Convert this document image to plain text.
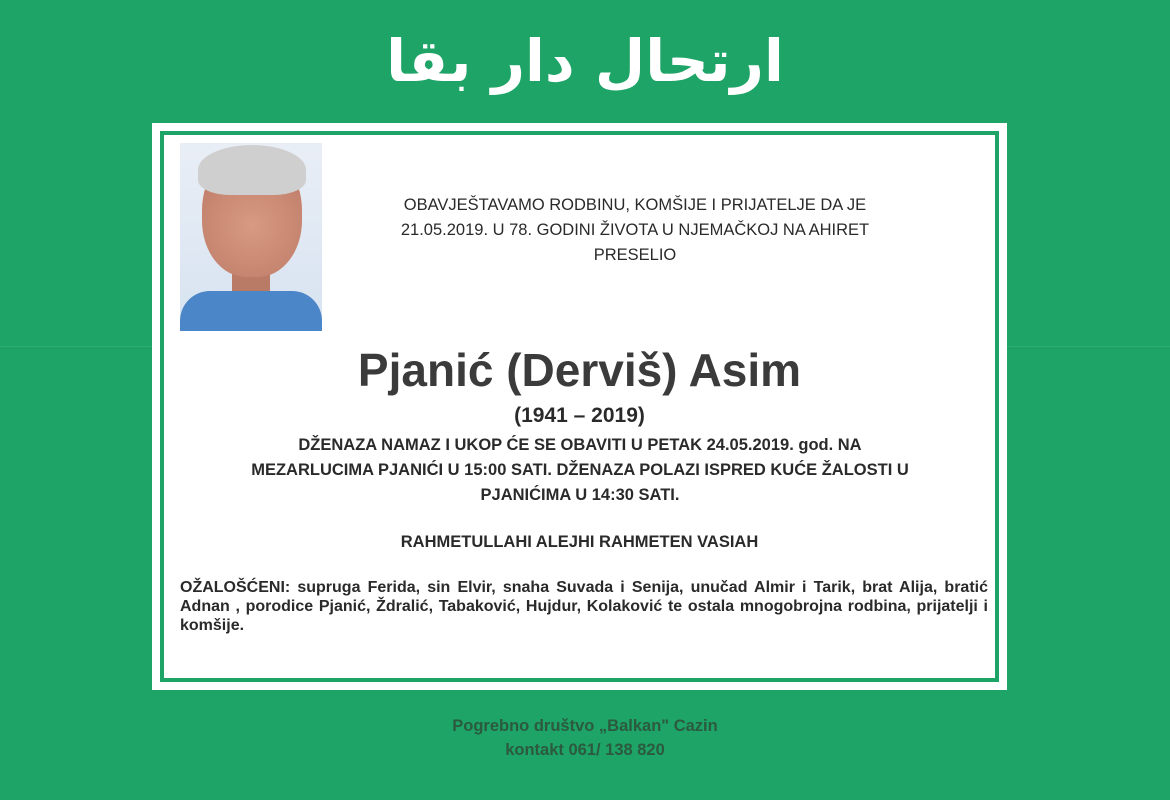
ارتحال دار بقا
OBAVJEŠTAVAMO RODBINU, KOMŠIJE I PRIJATELJE DA JE
21.05.2019. U 78. GODINI ŽIVOTA U NJEMAČKOJ NA AHIRET
PRESELIO
Pjanić (Derviš) Asim
(1941 – 2019)
DŽENAZA NAMAZ I UKOP ĆE SE OBAVITI U PETAK 24.05.2019. god. NA
MEZARLUCIMA PJANIĆI U 15:00 SATI. DŽENAZA POLAZI ISPRED KUĆE ŽALOSTI U
PJANIĆIMA U 14:30 SATI.
RAHMETULLAHI ALEJHI RAHMETEN VASIAH
OŽALOŠĆENI: supruga Ferida, sin Elvir, snaha Suvada i Senija, unučad Almir i Tarik, brat Alija, bratić Adnan , porodice Pjanić, Ždralić, Tabaković, Hujdur, Kolaković te ostala mnogobrojna rodbina, prijatelji i komšije.
Pogrebno društvo „Balkan" Cazin
kontakt 061/ 138 820
